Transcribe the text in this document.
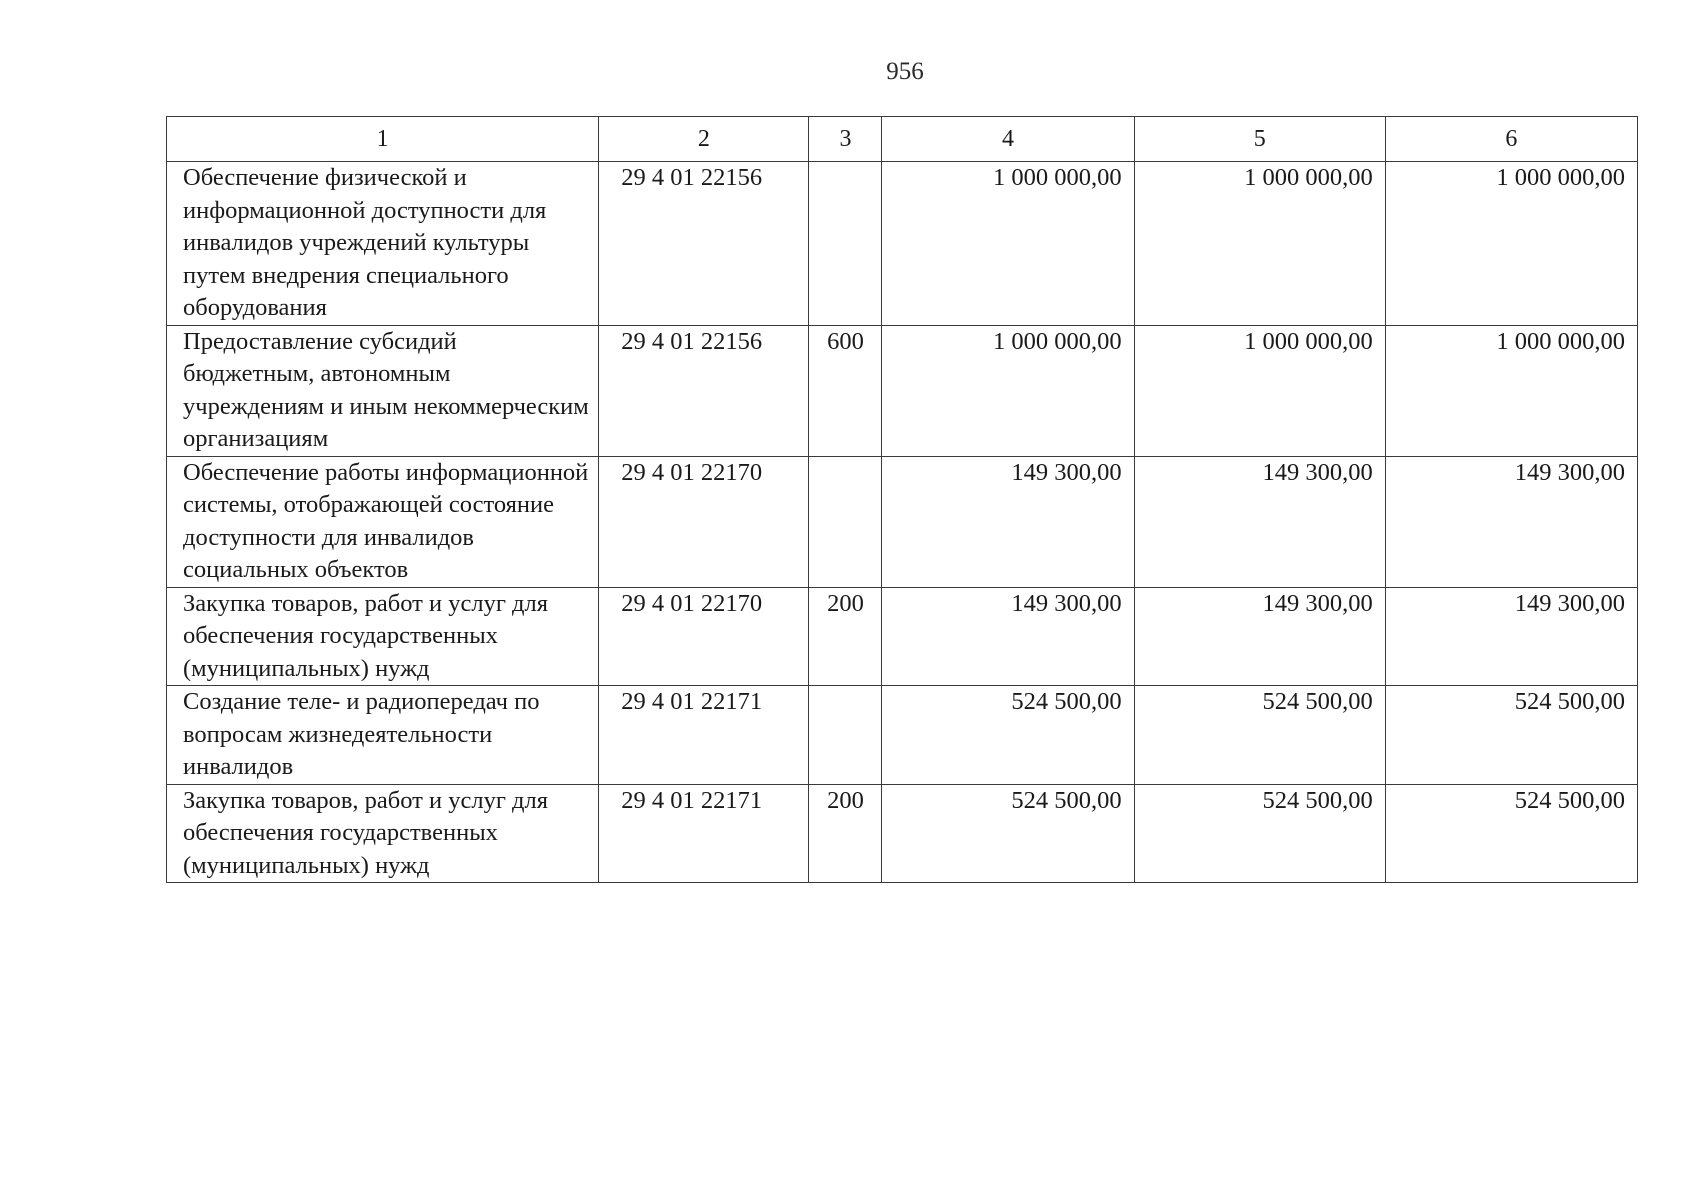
956
1	2	3	4	5	6
Обеспечение физической и информационной доступности для инвалидов учреждений культуры путем внедрения специального оборудования	29 4 01 22156		1 000 000,00	1 000 000,00	1 000 000,00
Предоставление субсидий бюджетным, автономным учреждениям и иным некоммерческим организациям	29 4 01 22156	600	1 000 000,00	1 000 000,00	1 000 000,00
Обеспечение работы информационной системы, отображающей состояние доступности для инвалидов социальных объектов	29 4 01 22170		149 300,00	149 300,00	149 300,00
Закупка товаров, работ и услуг для обеспечения государственных (муниципальных) нужд	29 4 01 22170	200	149 300,00	149 300,00	149 300,00
Создание теле- и радиопередач по вопросам жизнедеятельности инвалидов	29 4 01 22171		524 500,00	524 500,00	524 500,00
Закупка товаров, работ и услуг для обеспечения государственных (муниципальных) нужд	29 4 01 22171	200	524 500,00	524 500,00	524 500,00
